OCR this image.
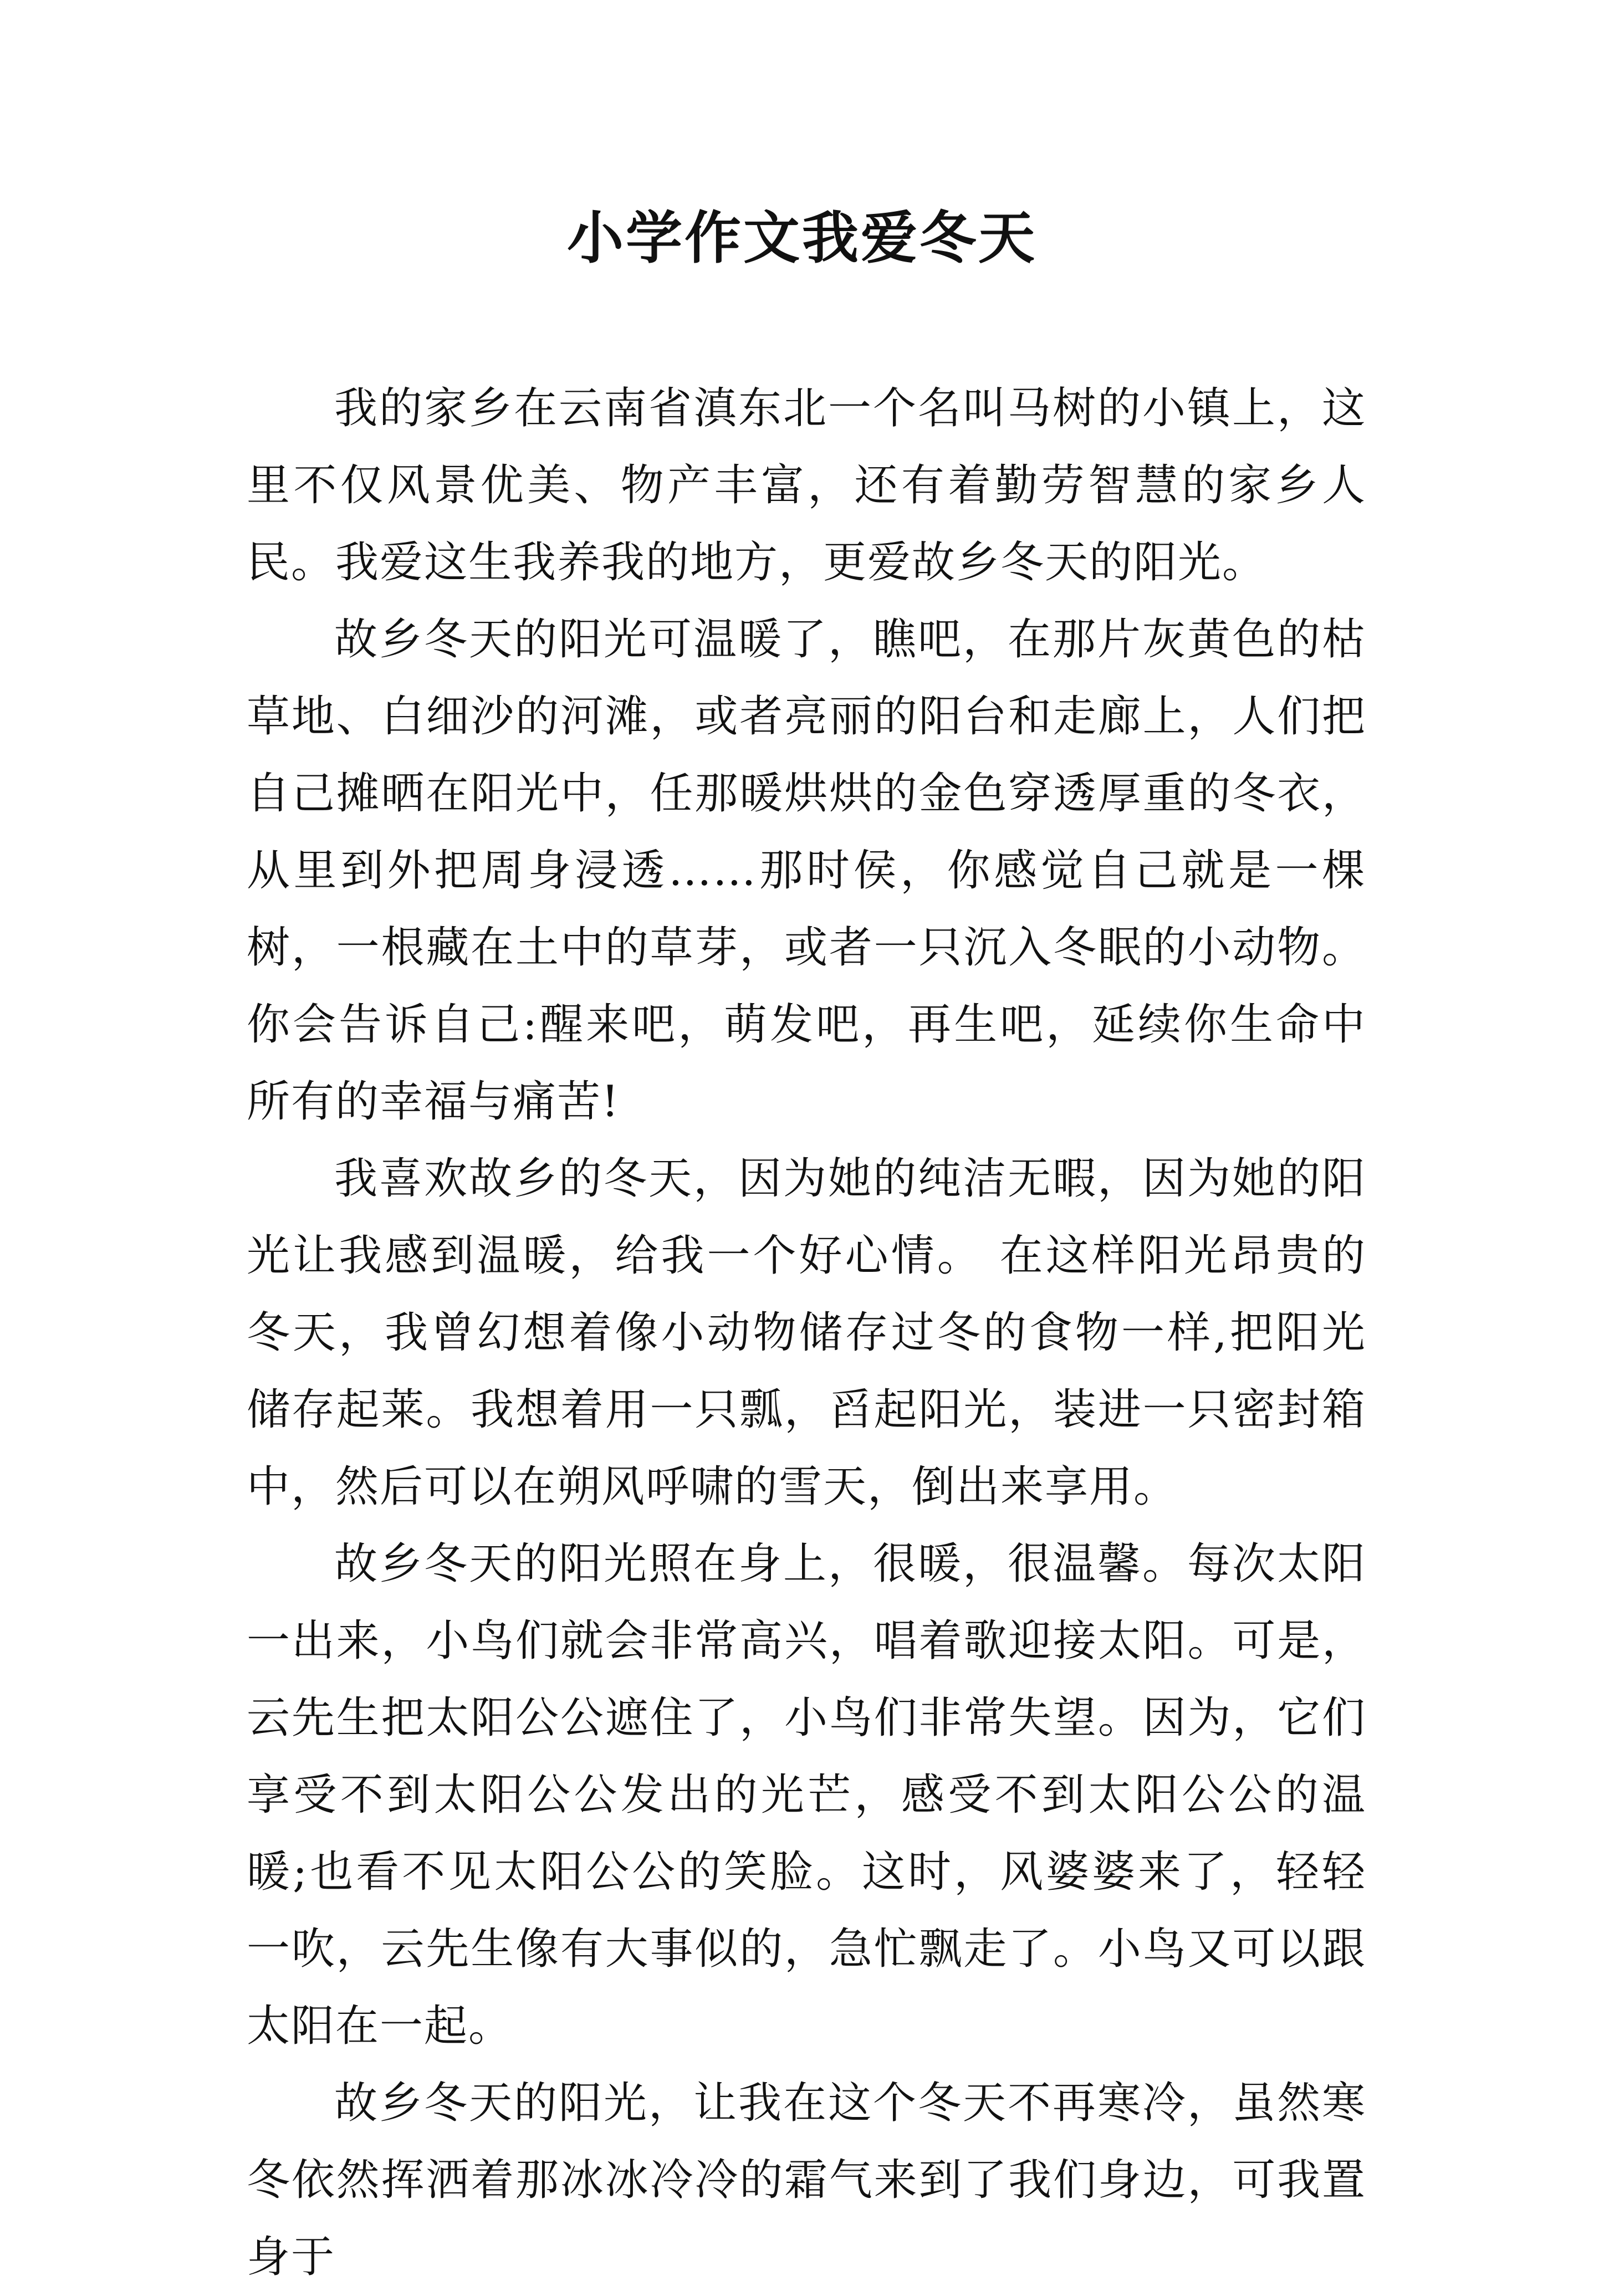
小学作文我爱冬天

我的家乡在云南省滇东北一个名叫马树的小镇上，这里不仅风景优美、物产丰富，还有着勤劳智慧的家乡人民。我爱这生我养我的地方，更爱故乡冬天的阳光。

故乡冬天的阳光可温暖了，瞧吧，在那片灰黄色的枯草地、白细沙的河滩，或者亮丽的阳台和走廊上，人们把自己摊晒在阳光中，任那暖烘烘的金色穿透厚重的冬衣，从里到外把周身浸透……那时侯，你感觉自己就是一棵树，一根藏在土中的草芽，或者一只沉入冬眠的小动物。你会告诉自己:醒来吧，萌发吧，再生吧，延续你生命中所有的幸福与痛苦!

我喜欢故乡的冬天，因为她的纯洁无暇，因为她的阳光让我感到温暖，给我一个好心情。 在这样阳光昂贵的冬天，我曾幻想着像小动物储存过冬的食物一样,把阳光储存起莱。我想着用一只瓢，舀起阳光，装进一只密封箱中，然后可以在朔风呼啸的雪天，倒出来享用。

故乡冬天的阳光照在身上，很暖，很温馨。每次太阳一出来，小鸟们就会非常高兴，唱着歌迎接太阳。可是，云先生把太阳公公遮住了，小鸟们非常失望。因为，它们享受不到太阳公公发出的光芒，感受不到太阳公公的温暖;也看不见太阳公公的笑脸。这时，风婆婆来了，轻轻一吹，云先生像有大事似的，急忙飘走了。小鸟又可以跟太阳在一起。

故乡冬天的阳光，让我在这个冬天不再寒冷，虽然寒冬依然挥洒着那冰冰冷冷的霜气来到了我们身边，可我置身于
